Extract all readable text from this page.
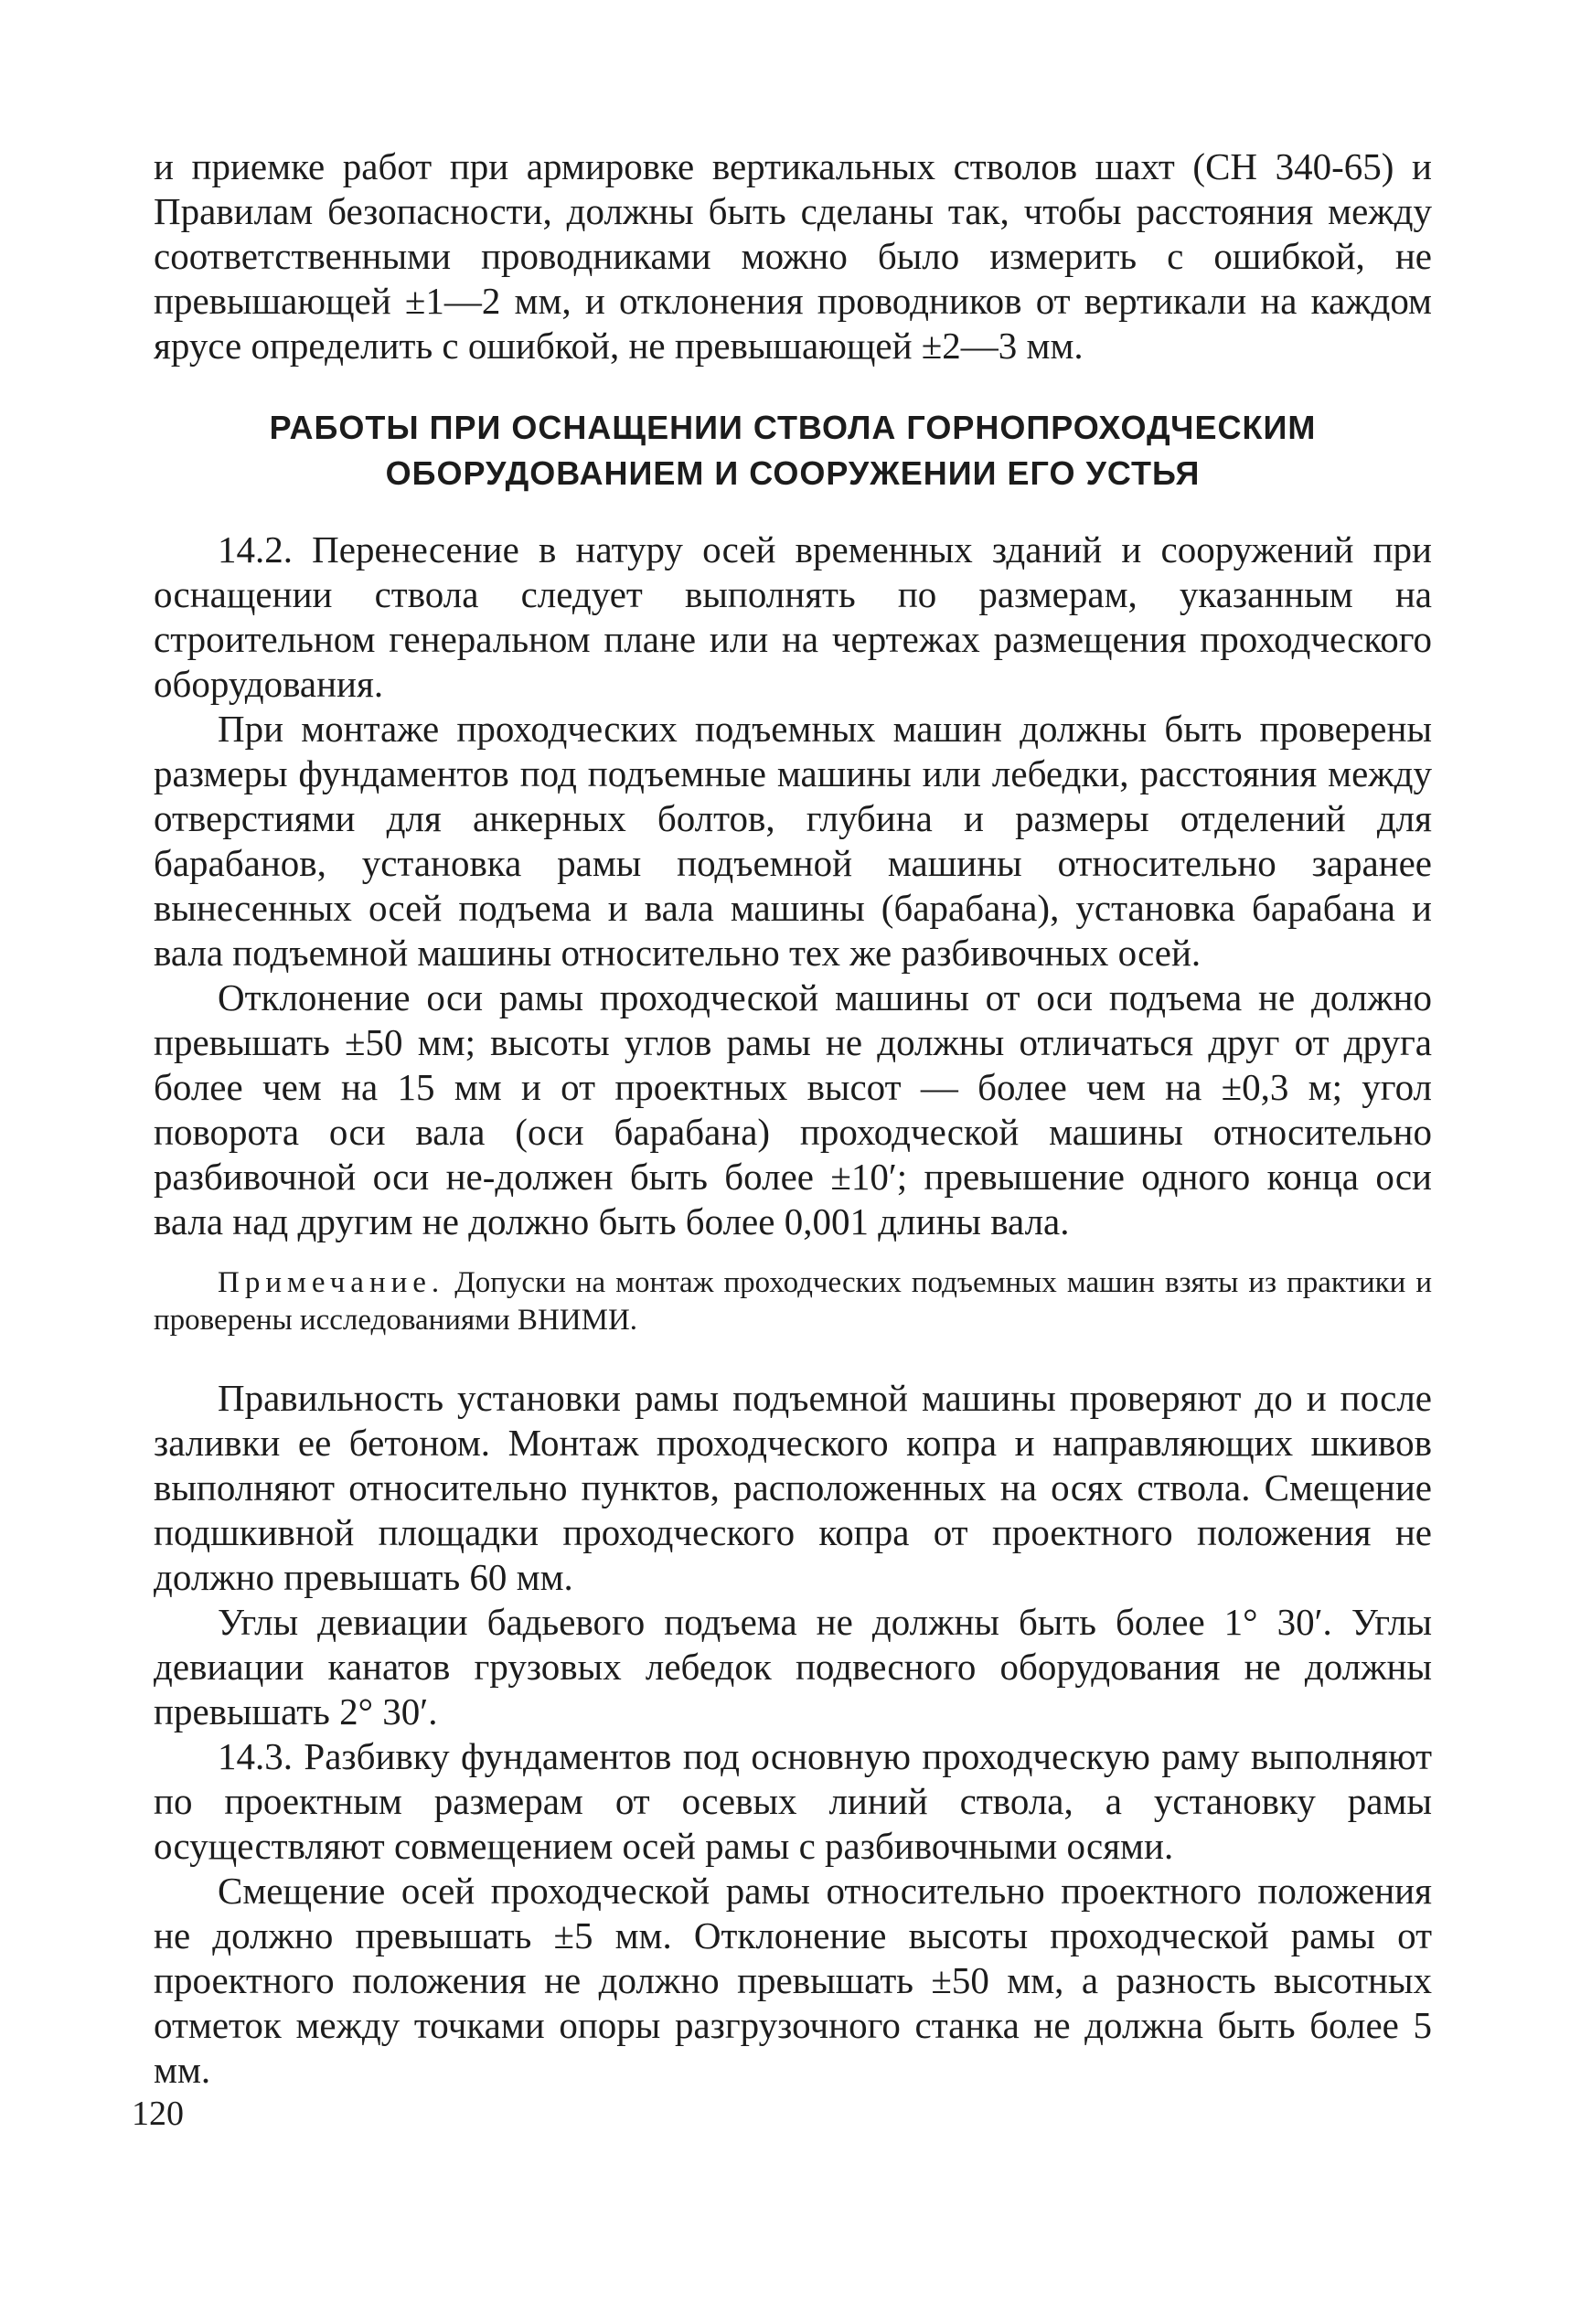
и приемке работ при армировке вертикальных стволов шахт (СН 340-65) и Правилам безопасности, должны быть сделаны так, чтобы расстояния между соответственными проводниками можно было измерить с ошибкой, не превышающей ±1—2 мм, и отклонения проводников от вертикали на каждом ярусе определить с ошибкой, не превышающей ±2—3 мм.

РАБОТЫ ПРИ ОСНАЩЕНИИ СТВОЛА ГОРНОПРОХОДЧЕСКИМ
ОБОРУДОВАНИЕМ И СООРУЖЕНИИ ЕГО УСТЬЯ

14.2. Перенесение в натуру осей временных зданий и сооружений при оснащении ствола следует выполнять по размерам, указанным на строительном генеральном плане или на чертежах размещения проходческого оборудования.

При монтаже проходческих подъемных машин должны быть проверены размеры фундаментов под подъемные машины или лебедки, расстояния между отверстиями для анкерных болтов, глубина и размеры отделений для барабанов, установка рамы подъемной машины относительно заранее вынесенных осей подъема и вала машины (барабана), установка барабана и вала подъемной машины относительно тех же разбивочных осей.

Отклонение оси рамы проходческой машины от оси подъема не должно превышать ±50 мм; высоты углов рамы не должны отличаться друг от друга более чем на 15 мм и от проектных высот — более чем на ±0,3 м; угол поворота оси вала (оси барабана) проходческой машины относительно разбивочной оси не-должен быть более ±10′; превышение одного конца оси вала над другим не должно быть более 0,001 длины вала.

Примечание. Допуски на монтаж проходческих подъемных машин взяты из практики и проверены исследованиями ВНИМИ.

Правильность установки рамы подъемной машины проверяют до и после заливки ее бетоном. Монтаж проходческого копра и направляющих шкивов выполняют относительно пунктов, расположенных на осях ствола. Смещение подшкивной площадки проходческого копра от проектного положения не должно превышать 60 мм.

Углы девиации бадьевого подъема не должны быть более 1° 30′. Углы девиации канатов грузовых лебедок подвесного оборудования не должны превышать 2° 30′.

14.3. Разбивку фундаментов под основную проходческую раму выполняют по проектным размерам от осевых линий ствола, а установку рамы осуществляют совмещением осей рамы с разбивочными осями.

Смещение осей проходческой рамы относительно проектного положения не должно превышать ±5 мм. Отклонение высоты проходческой рамы от проектного положения не должно превышать ±50 мм, а разность высотных отметок между точками опоры разгрузочного станка не должна быть более 5 мм.

120
